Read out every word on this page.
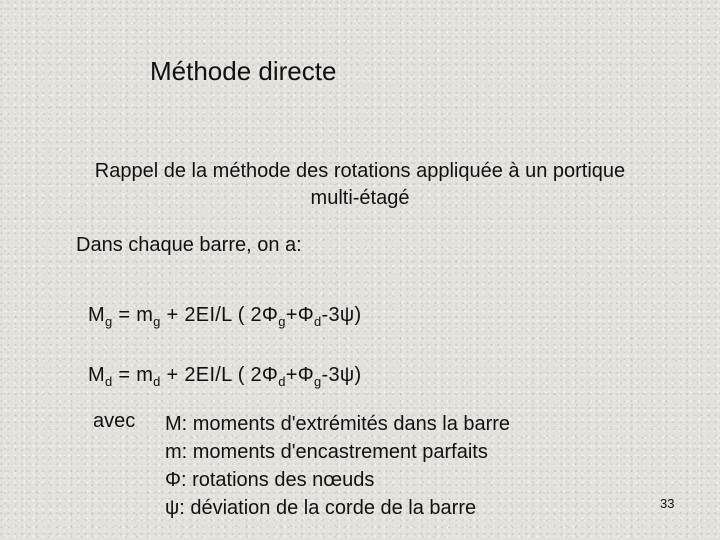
Méthode directe
Rappel de la méthode des rotations appliquée à un portique
multi-étagé
Dans chaque barre, on a:
$M_g = m_g + 2EI/L$ ( $2\Phi_g+\Phi_d-3\psi$)
$M_d = m_d + 2EI/L$ ( $2\Phi_d+\Phi_g-3\psi$)
avec M: moments d'extrémités dans la barre
m: moments d'encastrement parfaits
Φ: rotations des nœuds
ψ: déviation de la corde de la barre	33
